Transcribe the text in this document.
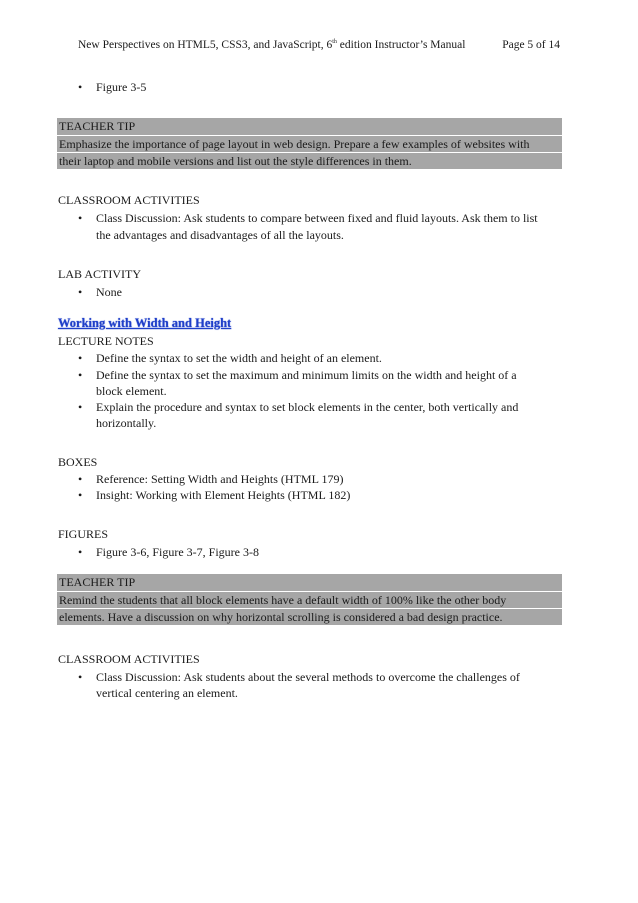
New Perspectives on HTML5, CSS3, and JavaScript, 6th edition Instructor’s Manual	Page 5 of 14
Figure 3-5
TEACHER TIP
Emphasize the importance of page layout in web design. Prepare a few examples of websites with
their laptop and mobile versions and list out the style differences in them.
CLASSROOM ACTIVITIES
Class Discussion: Ask students to compare between fixed and fluid layouts. Ask them to list
the advantages and disadvantages of all the layouts.
LAB ACTIVITY
None
Working with Width and Height
LECTURE NOTES
Define the syntax to set the width and height of an element.
Define the syntax to set the maximum and minimum limits on the width and height of a
block element.
Explain the procedure and syntax to set block elements in the center, both vertically and
horizontally.
BOXES
Reference: Setting Width and Heights (HTML 179)
Insight: Working with Element Heights (HTML 182)
FIGURES
Figure 3-6, Figure 3-7, Figure 3-8
TEACHER TIP
Remind the students that all block elements have a default width of 100% like the other body
elements. Have a discussion on why horizontal scrolling is considered a bad design practice.
CLASSROOM ACTIVITIES
Class Discussion: Ask students about the several methods to overcome the challenges of
vertical centering an element.
